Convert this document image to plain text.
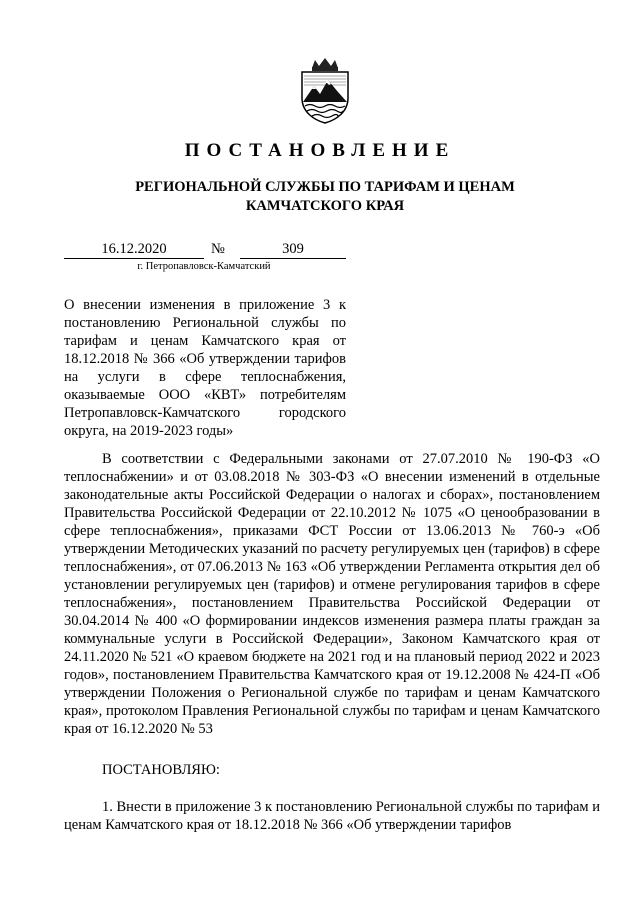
ПОСТАНОВЛЕНИЕ
РЕГИОНАЛЬНОЙ СЛУЖБЫ ПО ТАРИФАМ И ЦЕНАМ
КАМЧАТСКОГО КРАЯ
16.12.2020	№	309
г. Петропавловск-Камчатский
О внесении изменения в приложение 3 к постановлению Региональной службы по тарифам и ценам Камчатского края от 18.12.2018 № 366 «Об утверждении тарифов на услуги в сфере теплоснабжения, оказываемые ООО «КВТ» потребителям Петропавловск-Камчатского городского округа, на 2019-2023 годы»
В соответствии с Федеральными законами от 27.07.2010 № 190-ФЗ «О теплоснабжении» и от 03.08.2018 № 303-ФЗ «О внесении изменений в отдельные законодательные акты Российской Федерации о налогах и сборах», постановлением Правительства Российской Федерации от 22.10.2012 № 1075 «О ценообразовании в сфере теплоснабжения», приказами ФСТ России от 13.06.2013 № 760-э «Об утверждении Методических указаний по расчету регулируемых цен (тарифов) в сфере теплоснабжения», от 07.06.2013 № 163 «Об утверждении Регламента открытия дел об установлении регулируемых цен (тарифов) и отмене регулирования тарифов в сфере теплоснабжения», постановлением Правительства Российской Федерации от 30.04.2014 № 400 «О формировании индексов изменения размера платы граждан за коммунальные услуги в Российской Федерации», Законом Камчатского края от 24.11.2020 № 521 «О краевом бюджете на 2021 год и на плановый период 2022 и 2023 годов», постановлением Правительства Камчатского края от 19.12.2008 № 424-П «Об утверждении Положения о Региональной службе по тарифам и ценам Камчатского края», протоколом Правления Региональной службы по тарифам и ценам Камчатского края от 16.12.2020 № 53
ПОСТАНОВЛЯЮ:
1. Внести в приложение 3 к постановлению Региональной службы по тарифам и ценам Камчатского края от 18.12.2018 № 366 «Об утверждении тарифов
